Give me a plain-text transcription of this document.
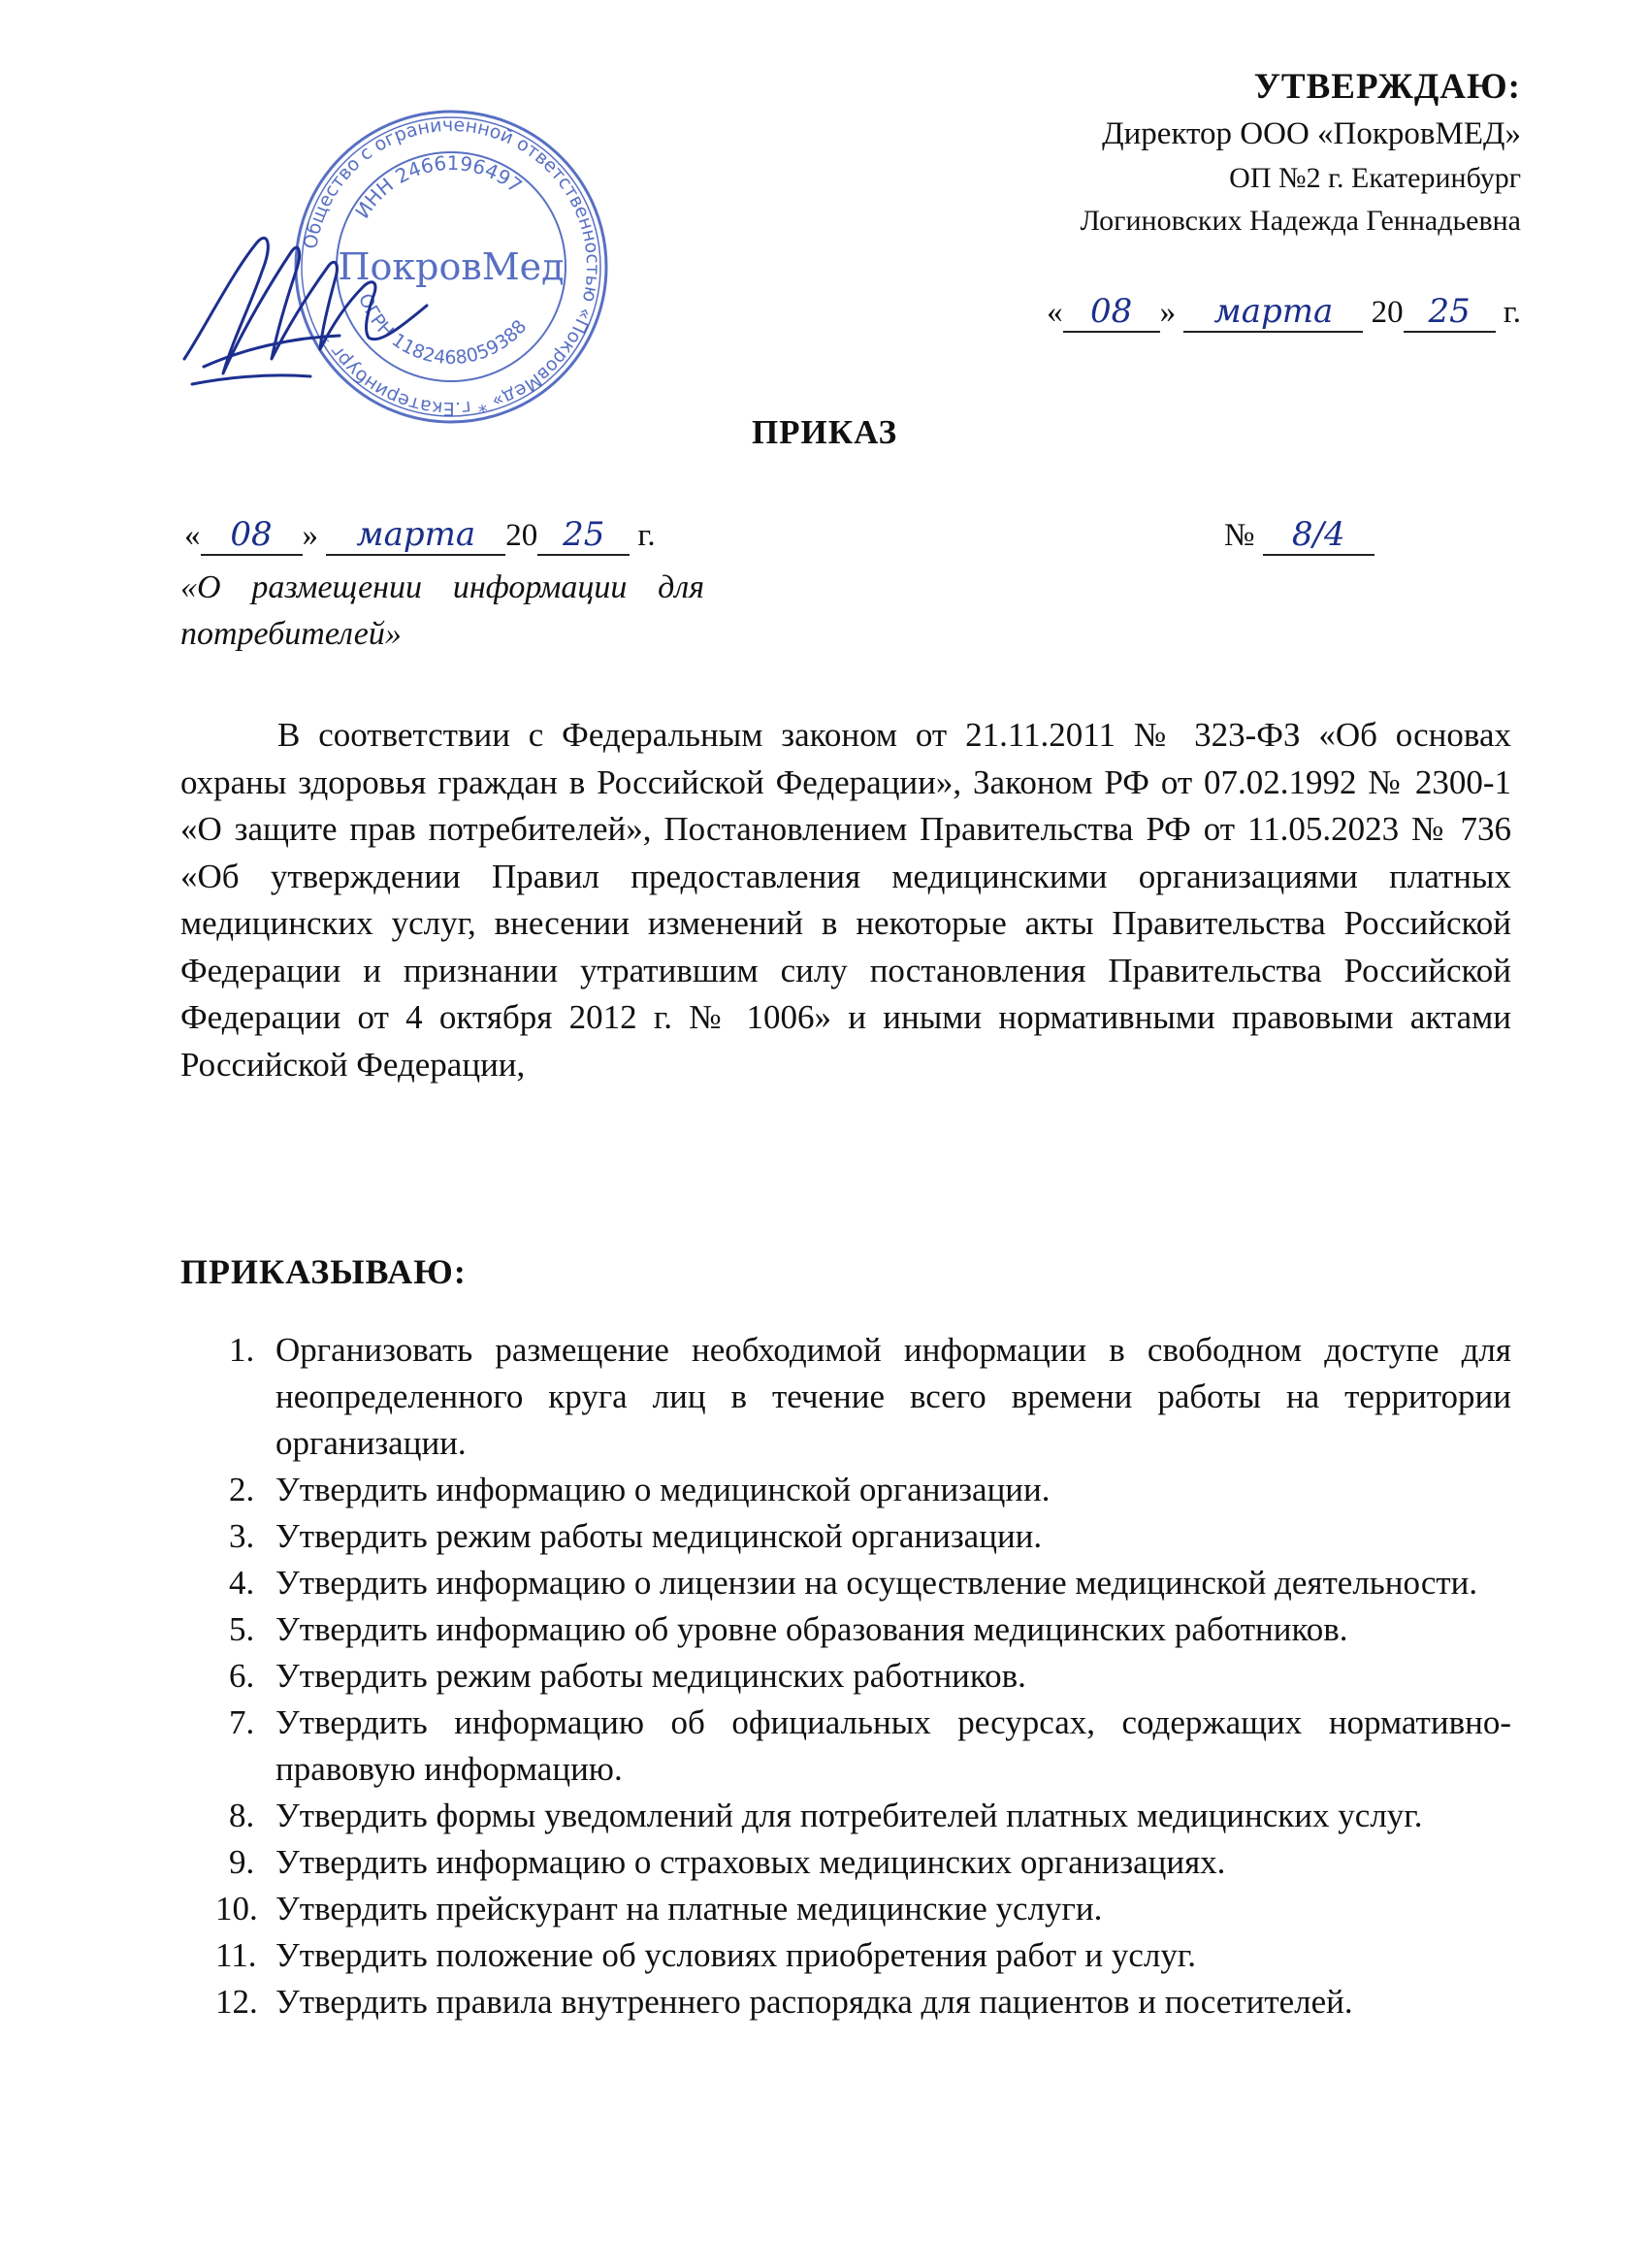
Общество с ограниченной ответственностью «ПокровМед» * г.Екатеринбург *
ИНН 2466196497
ОГРН 1182468059388
ПокровМед
УТВЕРЖДАЮ:
Директор ООО «ПокровМЕД»
ОП №2 г. Екатеринбург
Логиновских Надежда Геннадьевна
« 08 » марта 20 25 г.
ПРИКАЗ
« 08 » марта 20 25 г.	№ 8/4
«О размещении информации для потребителей»

В соответствии с Федеральным законом от 21.11.2011 № 323-ФЗ «Об основах охраны здоровья граждан в Российской Федерации», Законом РФ от 07.02.1992 № 2300-1 «О защите прав потребителей», Постановлением Правительства РФ от 11.05.2023 № 736 «Об утверждении Правил предоставления медицинскими организациями платных медицинских услуг, внесении изменений в некоторые акты Правительства Российской Федерации и признании утратившим силу постановления Правительства Российской Федерации от 4 октября 2012 г. № 1006» и иными нормативными правовыми актами Российской Федерации,

ПРИКАЗЫВАЮ:
1. Организовать размещение необходимой информации в свободном доступе для неопределенного круга лиц в течение всего времени работы на территории организации.
2. Утвердить информацию о медицинской организации.
3. Утвердить режим работы медицинской организации.
4. Утвердить информацию о лицензии на осуществление медицинской деятельности.
5. Утвердить информацию об уровне образования медицинских работников.
6. Утвердить режим работы медицинских работников.
7. Утвердить информацию об официальных ресурсах, содержащих нормативно-правовую информацию.
8. Утвердить формы уведомлений для потребителей платных медицинских услуг.
9. Утвердить информацию о страховых медицинских организациях.
10. Утвердить прейскурант на платные медицинские услуги.
11. Утвердить положение об условиях приобретения работ и услуг.
12. Утвердить правила внутреннего распорядка для пациентов и посетителей.
